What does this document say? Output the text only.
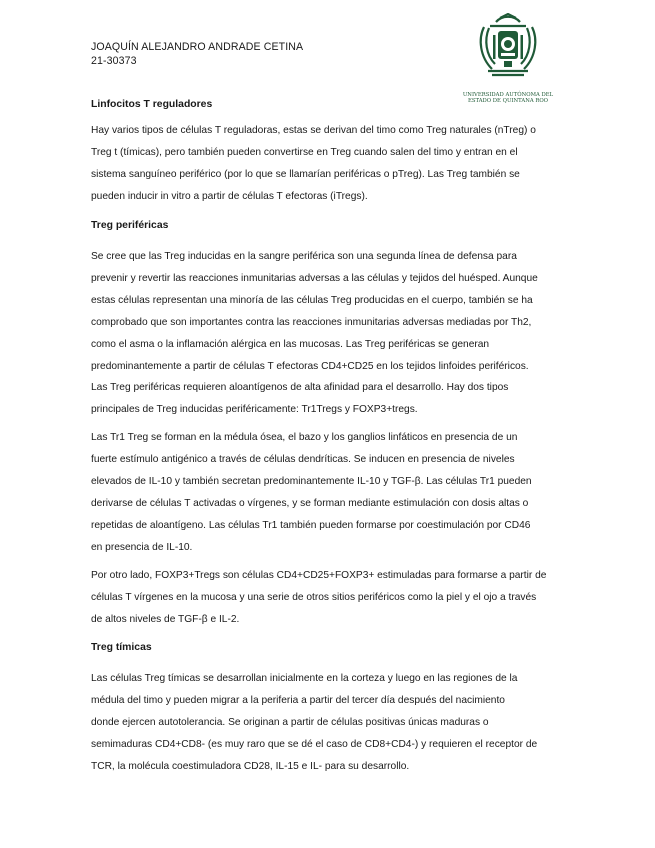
JOAQUÍN ALEJANDRO ANDRADE CETINA
21-30373
UNIVERSIDAD AUTÓNOMA DEL
ESTADO DE QUINTANA ROO
Linfocitos T reguladores
Hay varios tipos de células T reguladoras, estas se derivan del timo como Treg naturales (nTreg) o
Treg t (tímicas), pero también pueden convertirse en Treg cuando salen del timo y entran en el
sistema sanguíneo periférico (por lo que se llamarían periféricas o pTreg). Las Treg también se
pueden inducir in vitro a partir de células T efectoras (iTregs).
Treg periféricas
Se cree que las Treg inducidas en la sangre periférica son una segunda línea de defensa para
prevenir y revertir las reacciones inmunitarias adversas a las células y tejidos del huésped. Aunque
estas células representan una minoría de las células Treg producidas en el cuerpo, también se ha
comprobado que son importantes contra las reacciones inmunitarias adversas mediadas por Th2,
como el asma o la inflamación alérgica en las mucosas. Las Treg periféricas se generan
predominantemente a partir de células T efectoras CD4+CD25 en los tejidos linfoides periféricos.
Las Treg periféricas requieren aloantígenos de alta afinidad para el desarrollo. Hay dos tipos
principales de Treg inducidas periféricamente: Tr1Tregs y FOXP3+tregs.
Las Tr1 Treg se forman en la médula ósea, el bazo y los ganglios linfáticos en presencia de un
fuerte estímulo antigénico a través de células dendríticas. Se inducen en presencia de niveles
elevados de IL-10 y también secretan predominantemente IL-10 y TGF-β. Las células Tr1 pueden
derivarse de células T activadas o vírgenes, y se forman mediante estimulación con dosis altas o
repetidas de aloantígeno. Las células Tr1 también pueden formarse por coestimulación por CD46
en presencia de IL-10.
Por otro lado, FOXP3+Tregs son células CD4+CD25+FOXP3+ estimuladas para formarse a partir de
células T vírgenes en la mucosa y una serie de otros sitios periféricos como la piel y el ojo a través
de altos niveles de TGF-β e IL-2.
Treg tímicas
Las células Treg tímicas se desarrollan inicialmente en la corteza y luego en las regiones de la
médula del timo y pueden migrar a la periferia a partir del tercer día después del nacimiento
donde ejercen autotolerancia. Se originan a partir de células positivas únicas maduras o
semimaduras CD4+CD8- (es muy raro que se dé el caso de CD8+CD4-) y requieren el receptor de
TCR, la molécula coestimuladora CD28, IL-15 e IL- para su desarrollo.
